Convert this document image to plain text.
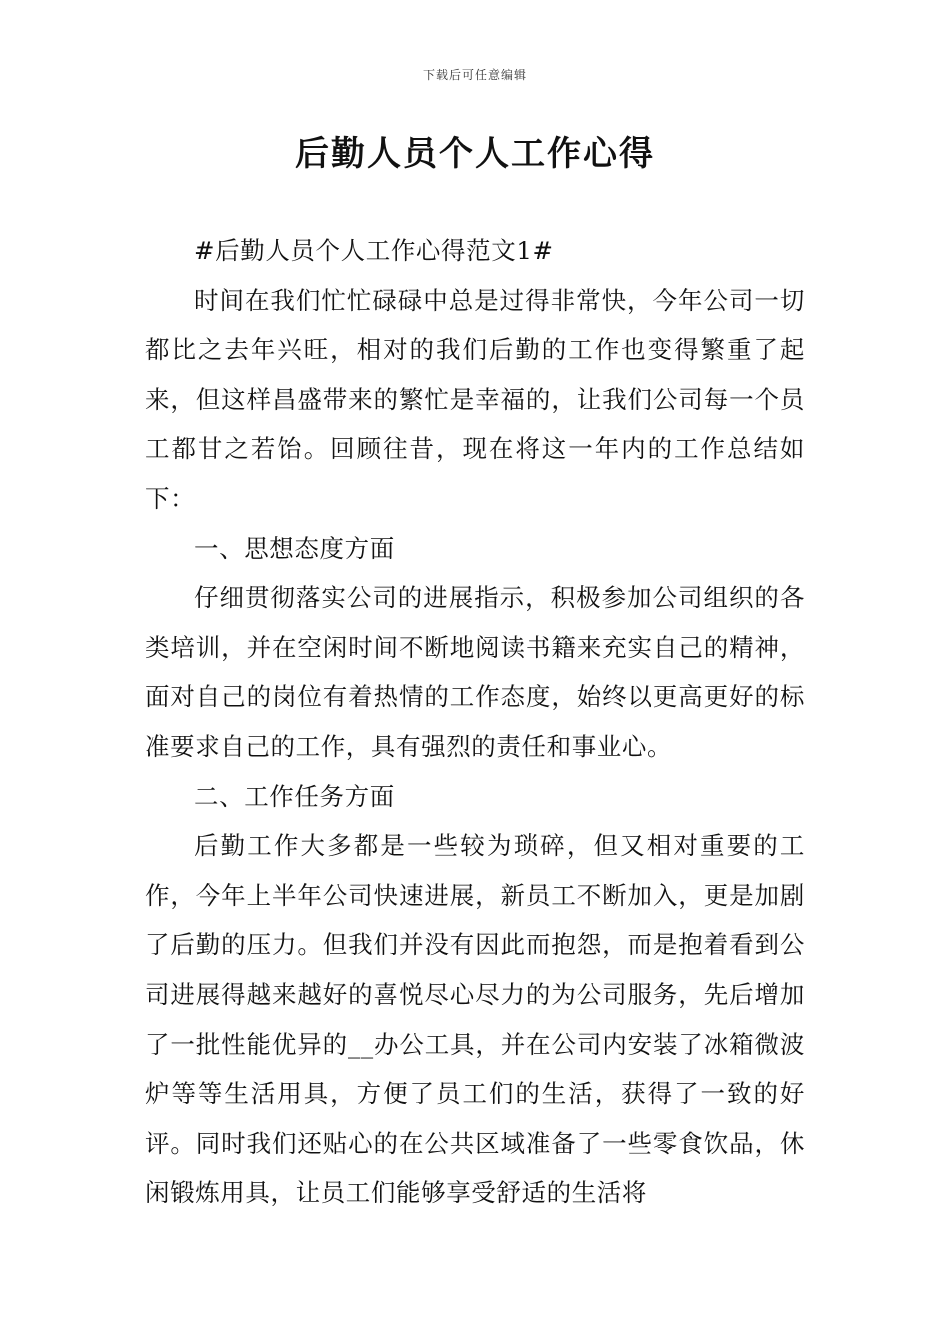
下载后可任意编辑
后勤人员个人工作心得

#后勤人员个人工作心得范文1#

时间在我们忙忙碌碌中总是过得非常快，今年公司一切都比之去年兴旺，相对的我们后勤的工作也变得繁重了起来，但这样昌盛带来的繁忙是幸福的，让我们公司每一个员工都甘之若饴。回顾往昔，现在将这一年内的工作总结如下：

一、思想态度方面

仔细贯彻落实公司的进展指示，积极参加公司组织的各类培训，并在空闲时间不断地阅读书籍来充实自己的精神，面对自己的岗位有着热情的工作态度，始终以更高更好的标准要求自己的工作，具有强烈的责任和事业心。

二、工作任务方面

后勤工作大多都是一些较为琐碎，但又相对重要的工作，今年上半年公司快速进展，新员工不断加入，更是加剧了后勤的压力。但我们并没有因此而抱怨，而是抱着看到公司进展得越来越好的喜悦尽心尽力的为公司服务，先后增加了一批性能优异的__办公工具，并在公司内安装了冰箱微波炉等等生活用具，方便了员工们的生活，获得了一致的好评。同时我们还贴心的在公共区域准备了一些零食饮品，休闲锻炼用具，让员工们能够享受舒适的生活将
